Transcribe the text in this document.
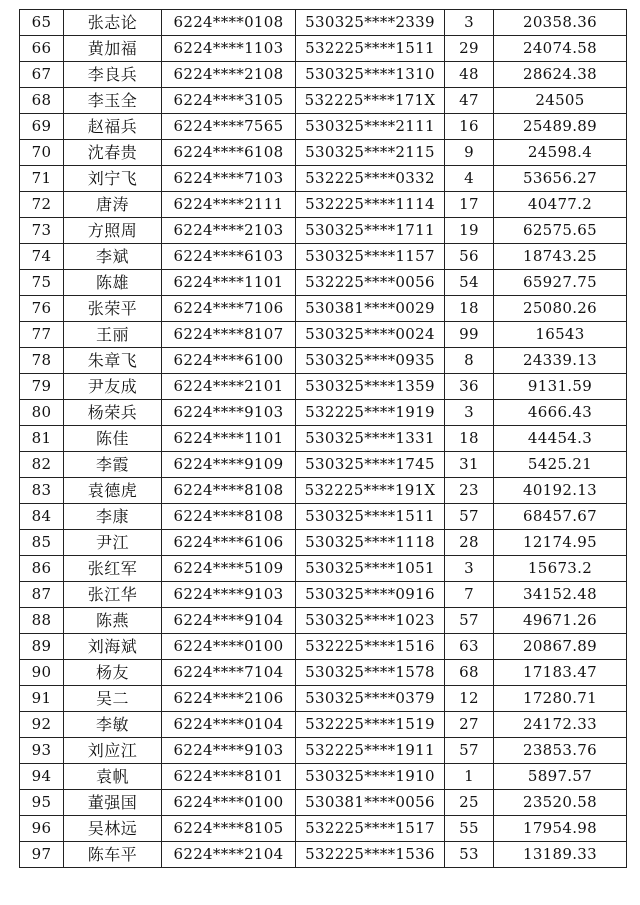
65	张志论	6224****0108	530325****2339	3	20358.36
66	黄加福	6224****1103	532225****1511	29	24074.58
67	李良兵	6224****2108	530325****1310	48	28624.38
68	李玉全	6224****3105	532225****171X	47	24505
69	赵福兵	6224****7565	530325****2111	16	25489.89
70	沈春贵	6224****6108	530325****2115	9	24598.4
71	刘宁飞	6224****7103	532225****0332	4	53656.27
72	唐涛	6224****2111	532225****1114	17	40477.2
73	方照周	6224****2103	530325****1711	19	62575.65
74	李斌	6224****6103	530325****1157	56	18743.25
75	陈雄	6224****1101	532225****0056	54	65927.75
76	张荣平	6224****7106	530381****0029	18	25080.26
77	王丽	6224****8107	530325****0024	99	16543
78	朱章飞	6224****6100	530325****0935	8	24339.13
79	尹友成	6224****2101	530325****1359	36	9131.59
80	杨荣兵	6224****9103	532225****1919	3	4666.43
81	陈佳	6224****1101	530325****1331	18	44454.3
82	李霞	6224****9109	530325****1745	31	5425.21
83	袁德虎	6224****8108	532225****191X	23	40192.13
84	李康	6224****8108	530325****1511	57	68457.67
85	尹江	6224****6106	530325****1118	28	12174.95
86	张红军	6224****5109	530325****1051	3	15673.2
87	张江华	6224****9103	530325****0916	7	34152.48
88	陈燕	6224****9104	530325****1023	57	49671.26
89	刘海斌	6224****0100	532225****1516	63	20867.89
90	杨友	6224****7104	530325****1578	68	17183.47
91	吴二	6224****2106	530325****0379	12	17280.71
92	李敏	6224****0104	532225****1519	27	24172.33
93	刘应江	6224****9103	532225****1911	57	23853.76
94	袁帆	6224****8101	530325****1910	1	5897.57
95	董强国	6224****0100	530381****0056	25	23520.58
96	吴林远	6224****8105	532225****1517	55	17954.98
97	陈车平	6224****2104	532225****1536	53	13189.33
